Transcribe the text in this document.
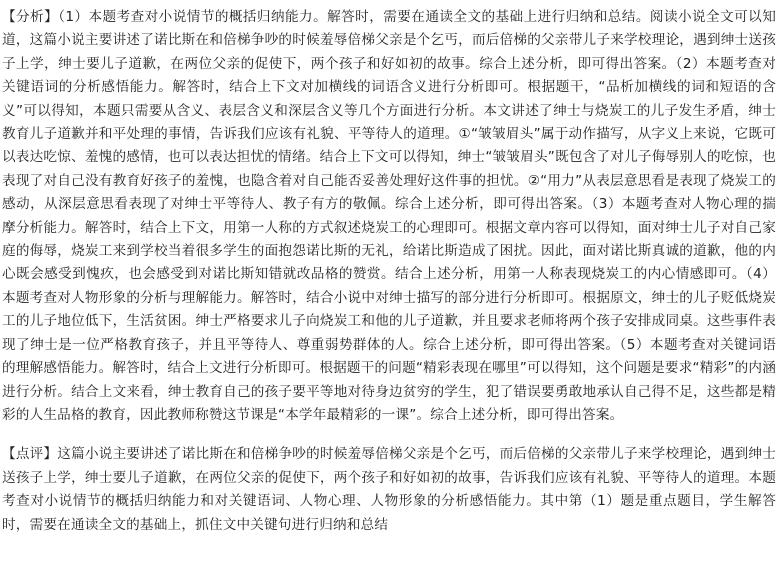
【分析】（1）本题考查对小说情节的概括归纳能力。解答时，需要在通读全文的基础上进行归纳和总结。阅读小说全文可以知道，这篇小说主要讲述了诺比斯在和倍梯争吵的时候羞辱倍梯父亲是个乞丐，而后倍梯的父亲带儿子来学校理论，遇到绅士送孩子上学，绅士要儿子道歉，在两位父亲的促使下，两个孩子和好如初的故事。综合上述分析，即可得出答案。（2）本题考查对关键语词的分析感悟能力。解答时，结合上下文对加横线的词语含义进行分析即可。根据题干，“品析加横线的词和短语的含义”可以得知，本题只需要从含义、表层含义和深层含义等几个方面进行分析。本文讲述了绅士与烧炭工的儿子发生矛盾，绅士教育儿子道歉并和平处理的事情，告诉我们应该有礼貌、平等待人的道理。①“皱皱眉头”属于动作描写，从字义上来说，它既可以表达吃惊、羞愧的感情，也可以表达担忧的情绪。结合上下文可以得知，绅士“皱皱眉头”既包含了对儿子侮辱别人的吃惊，也表现了对自己没有教育好孩子的羞愧，也隐含着对自己能否妥善处理好这件事的担忧。②“用力”从表层意思看是表现了烧炭工的感动，从深层意思看表现了对绅士平等待人、教子有方的敬佩。综合上述分析，即可得出答案。（3）本题考查对人物心理的揣摩分析能力。解答时，结合上下文，用第一人称的方式叙述烧炭工的心理即可。根据文章内容可以得知，面对绅士儿子对自己家庭的侮辱，烧炭工来到学校当着很多学生的面抱怨诺比斯的无礼，给诺比斯造成了困扰。因此，面对诺比斯真诚的道歉，他的内心既会感受到愧疚，也会感受到对诺比斯知错就改品格的赞赏。结合上述分析，用第一人称表现烧炭工的内心情感即可。（4）本题考查对人物形象的分析与理解能力。解答时，结合小说中对绅士描写的部分进行分析即可。根据原文，绅士的儿子贬低烧炭工的儿子地位低下，生活贫困。绅士严格要求儿子向烧炭工和他的儿子道歉，并且要求老师将两个孩子安排成同桌。这些事件表现了绅士是一位严格教育孩子，并且平等待人、尊重弱势群体的人。综合上述分析，即可得出答案。（5）本题考查对关键词语的理解感悟能力。解答时，结合上文进行分析即可。根据题干的问题“精彩表现在哪里”可以得知，这个问题是要求“精彩”的内涵进行分析。结合上文来看，绅士教育自己的孩子要平等地对待身边贫穷的学生，犯了错误要勇敢地承认自己得不足，这些都是精彩的人生品格的教育，因此教师称赞这节课是“本学年最精彩的一课”。综合上述分析，即可得出答案。

【点评】这篇小说主要讲述了诺比斯在和倍梯争吵的时候羞辱倍梯父亲是个乞丐，而后倍梯的父亲带儿子来学校理论，遇到绅士送孩子上学，绅士要儿子道歉，在两位父亲的促使下，两个孩子和好如初的故事，告诉我们应该有礼貌、平等待人的道理。本题考查对小说情节的概括归纳能力和对关键语词、人物心理、人物形象的分析感悟能力。其中第（1）题是重点题目，学生解答时，需要在通读全文的基础上，抓住文中关键句进行归纳和总结
